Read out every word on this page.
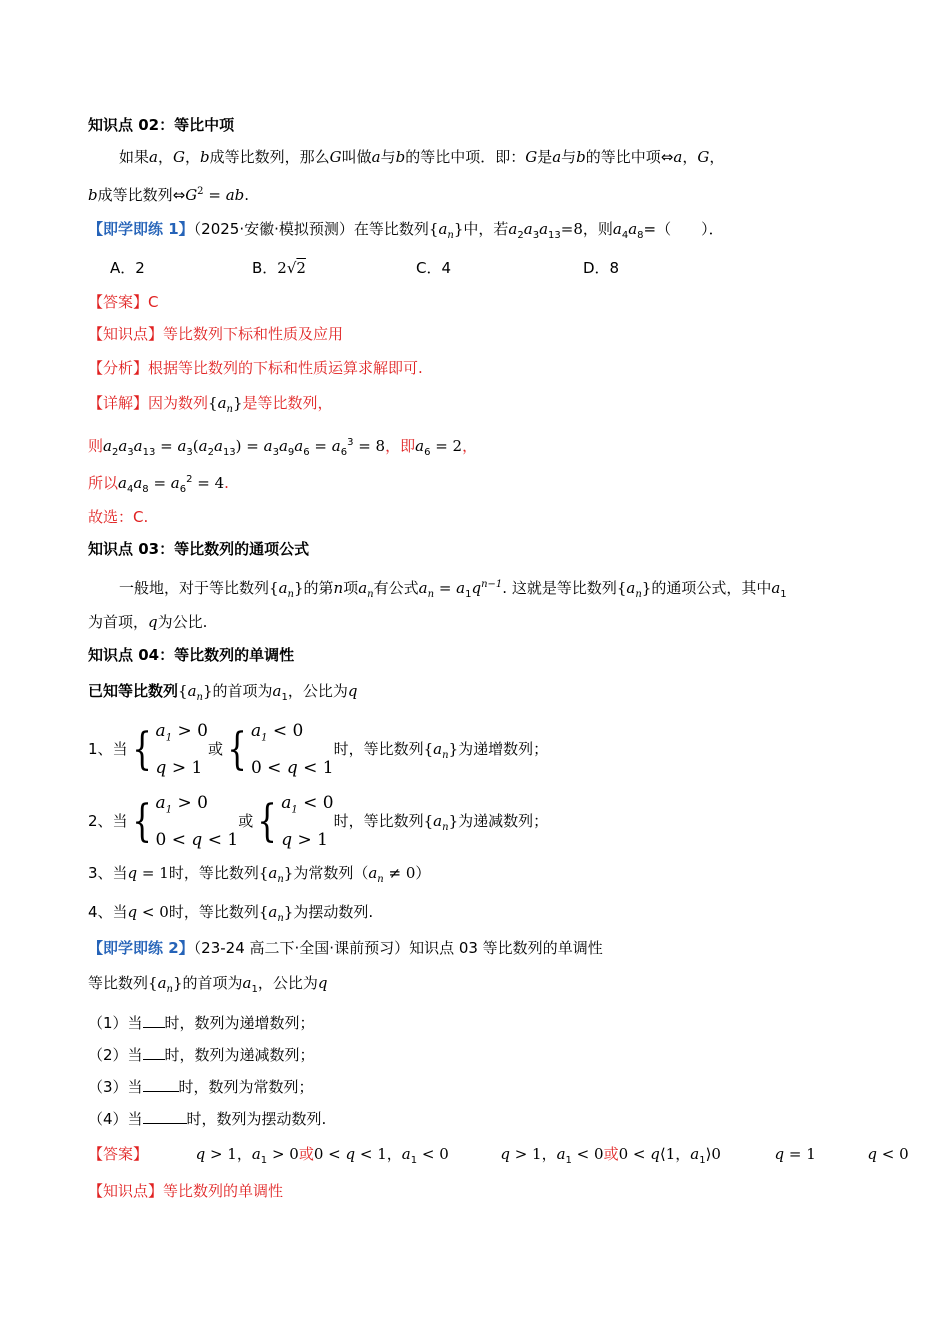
知识点 02：等比中项
如果a，G，b成等比数列，那么G叫做a与b的等比中项．即：G是a与b的等比中项⇔a，G，
b成等比数列$\Leftrightarrow G^2$ = ab.
【即学即练 1】（2025·安徽·模拟预测）在等比数列$\{a_n\}$中，若$a_2a_3a_{13}=8$，则$a_4a_8=$（　　）．
A．2	B．2√2	C．4	D．8
【答案】C
【知识点】等比数列下标和性质及应用
【分析】根据等比数列的下标和性质运算求解即可.
【详解】因为数列$\{a_n\}$是等比数列，
则$a_2a_3a_{13} = a_3(a_2a_{13}) = a_3a_9a_6 = a_6^3 = 8$，即$a_6 = 2$，
所以$a_4a_8 = a_6^2 = 4$.
故选：C.
知识点 03：等比数列的通项公式
一般地，对于等比数列$\{a_n\}$的第n项$a_n$有公式$a_n = a_1q^{n-1}$. 这就是等比数列$\{a_n\}$的通项公式，其中$a_1$
为首项，q为公比.
知识点 04：等比数列的单调性
已知等比数列$\{a_n\}$的首项为$a_1$，公比为q
1、当{ $a_1 > 0$
q > 1或{ $a_1 < 0$
0 < q < 1时，等比数列$\{a_n\}$为递增数列；
2、当{ $a_1 > 0$
0 < q < 1或{ $a_1 < 0$
q > 1时，等比数列$\{a_n\}$为递减数列；
3、当q = 1时，等比数列$\{a_n\}$为常数列$(a_n \ne 0)$
4、当q < 0时，等比数列$\{a_n\}$为摆动数列.
【即学即练 2】（23-24 高二下·全国·课前预习）知识点 03 等比数列的单调性
等比数列$\{a_n\}$的首项为$a_1$，公比为q
（1）当 时，数列为递增数列；
（2）当 时，数列为递减数列；
（3）当 时，数列为常数列；
（4）当	时，数列为摆动数列.
【答案】	q > 1，$a_1 > 0$或0 < q < 1，$a_1 < 0$	q > 1，$a_1 < 0$或0 < q⟨1，$a_1⟩0$	q = 1	q < 0
【知识点】等比数列的单调性
